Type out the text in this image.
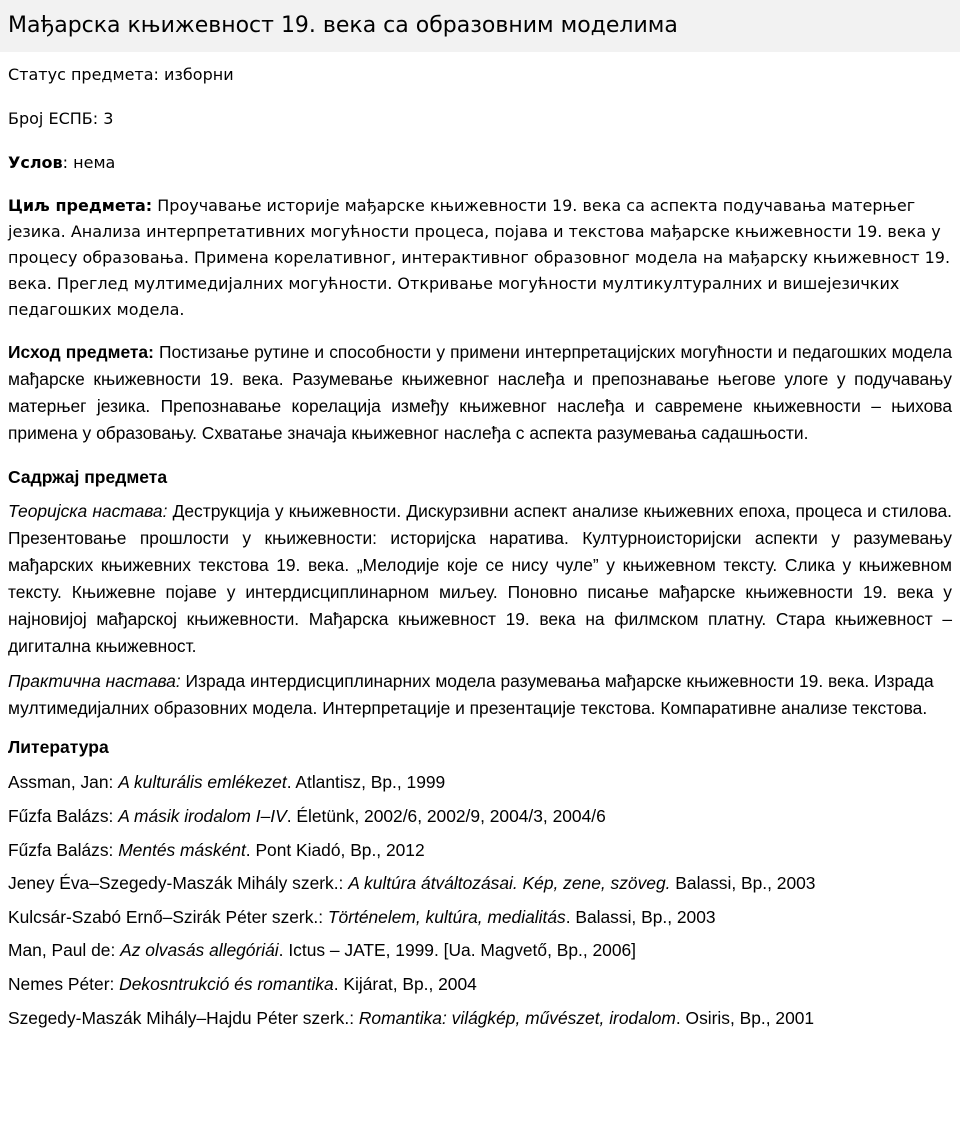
Мађарска књижевност 19. века са образовним моделима

Статус предмета: изборни

Број ЕСПБ: 3

Услов: нема

Циљ предмета: Проучавање историје мађарске књижевности 19. века са аспекта подучавања матерњег језика. Анализа интерпретативних могућности процеса, појава и текстова мађарске књижевности 19. века у процесу образовања. Примена корелативног, интерактивног образовног модела на мађарску књижевност 19. века. Преглед мултимедијалних могућности. Откривање могућности мултикултуралних и вишејезичких педагошких модела.

Исход предмета: Постизање рутине и способности у примени интерпретацијских могућности и педагошких модела мађарске књижевности 19. века. Разумевање књижевног наслеђа и препознавање његове улоге у подучавању матерњег језика. Препознавање корелација између књижевног наслеђа и савремене књижевности – њихова примена у образовању. Схватање значаја књижевног наслеђа с аспекта разумевања садашњости.

Садржај предмета

Теоријска настава: Деструкција у књижевности. Дискурзивни аспект анализе књижевних епоха, процеса и стилова. Презентовање прошлости у књижевности: историјска наратива. Културноисторијски аспекти у разумевању мађарских књижевних текстова 19. века. „Мелодије које се нису чуле” у књижевном тексту. Слика у књижевном тексту. Књижевне појаве у интердисциплинарном миљеу. Поновно писање мађарске књижевности 19. века у најновијој мађарској књижевности. Мађарска књижевност 19. века на филмском платну. Стара књижевност – дигитална књижевност.

Практична настава: Израда интердисциплинарних модела разумевања мађарске књижевности 19. века. Израда мултимедијалних образовних модела. Интерпретације и презентације текстова. Компаративне анализе текстова.

Литература
Assman, Jan: A kulturális emlékezet. Atlantisz, Bp., 1999
Fűzfa Balázs: A másik irodalom I–IV. Életünk, 2002/6, 2002/9, 2004/3, 2004/6
Fűzfa Balázs: Mentés másként. Pont Kiadó, Bp., 2012
Jeney Éva–Szegedy-Maszák Mihály szerk.: A kultúra átváltozásai. Kép, zene, szöveg. Balassi, Bp., 2003
Kulcsár-Szabó Ernő–Szirák Péter szerk.: Történelem, kultúra, medialitás. Balassi, Bp., 2003
Man, Paul de: Az olvasás allegóriái. Ictus – JATE, 1999. [Ua. Magvető, Bp., 2006]
Nemes Péter: Dekosntrukció és romantika. Kijárat, Bp., 2004
Szegedy-Maszák Mihály–Hajdu Péter szerk.: Romantika: világkép, művészet, irodalom. Osiris, Bp., 2001
